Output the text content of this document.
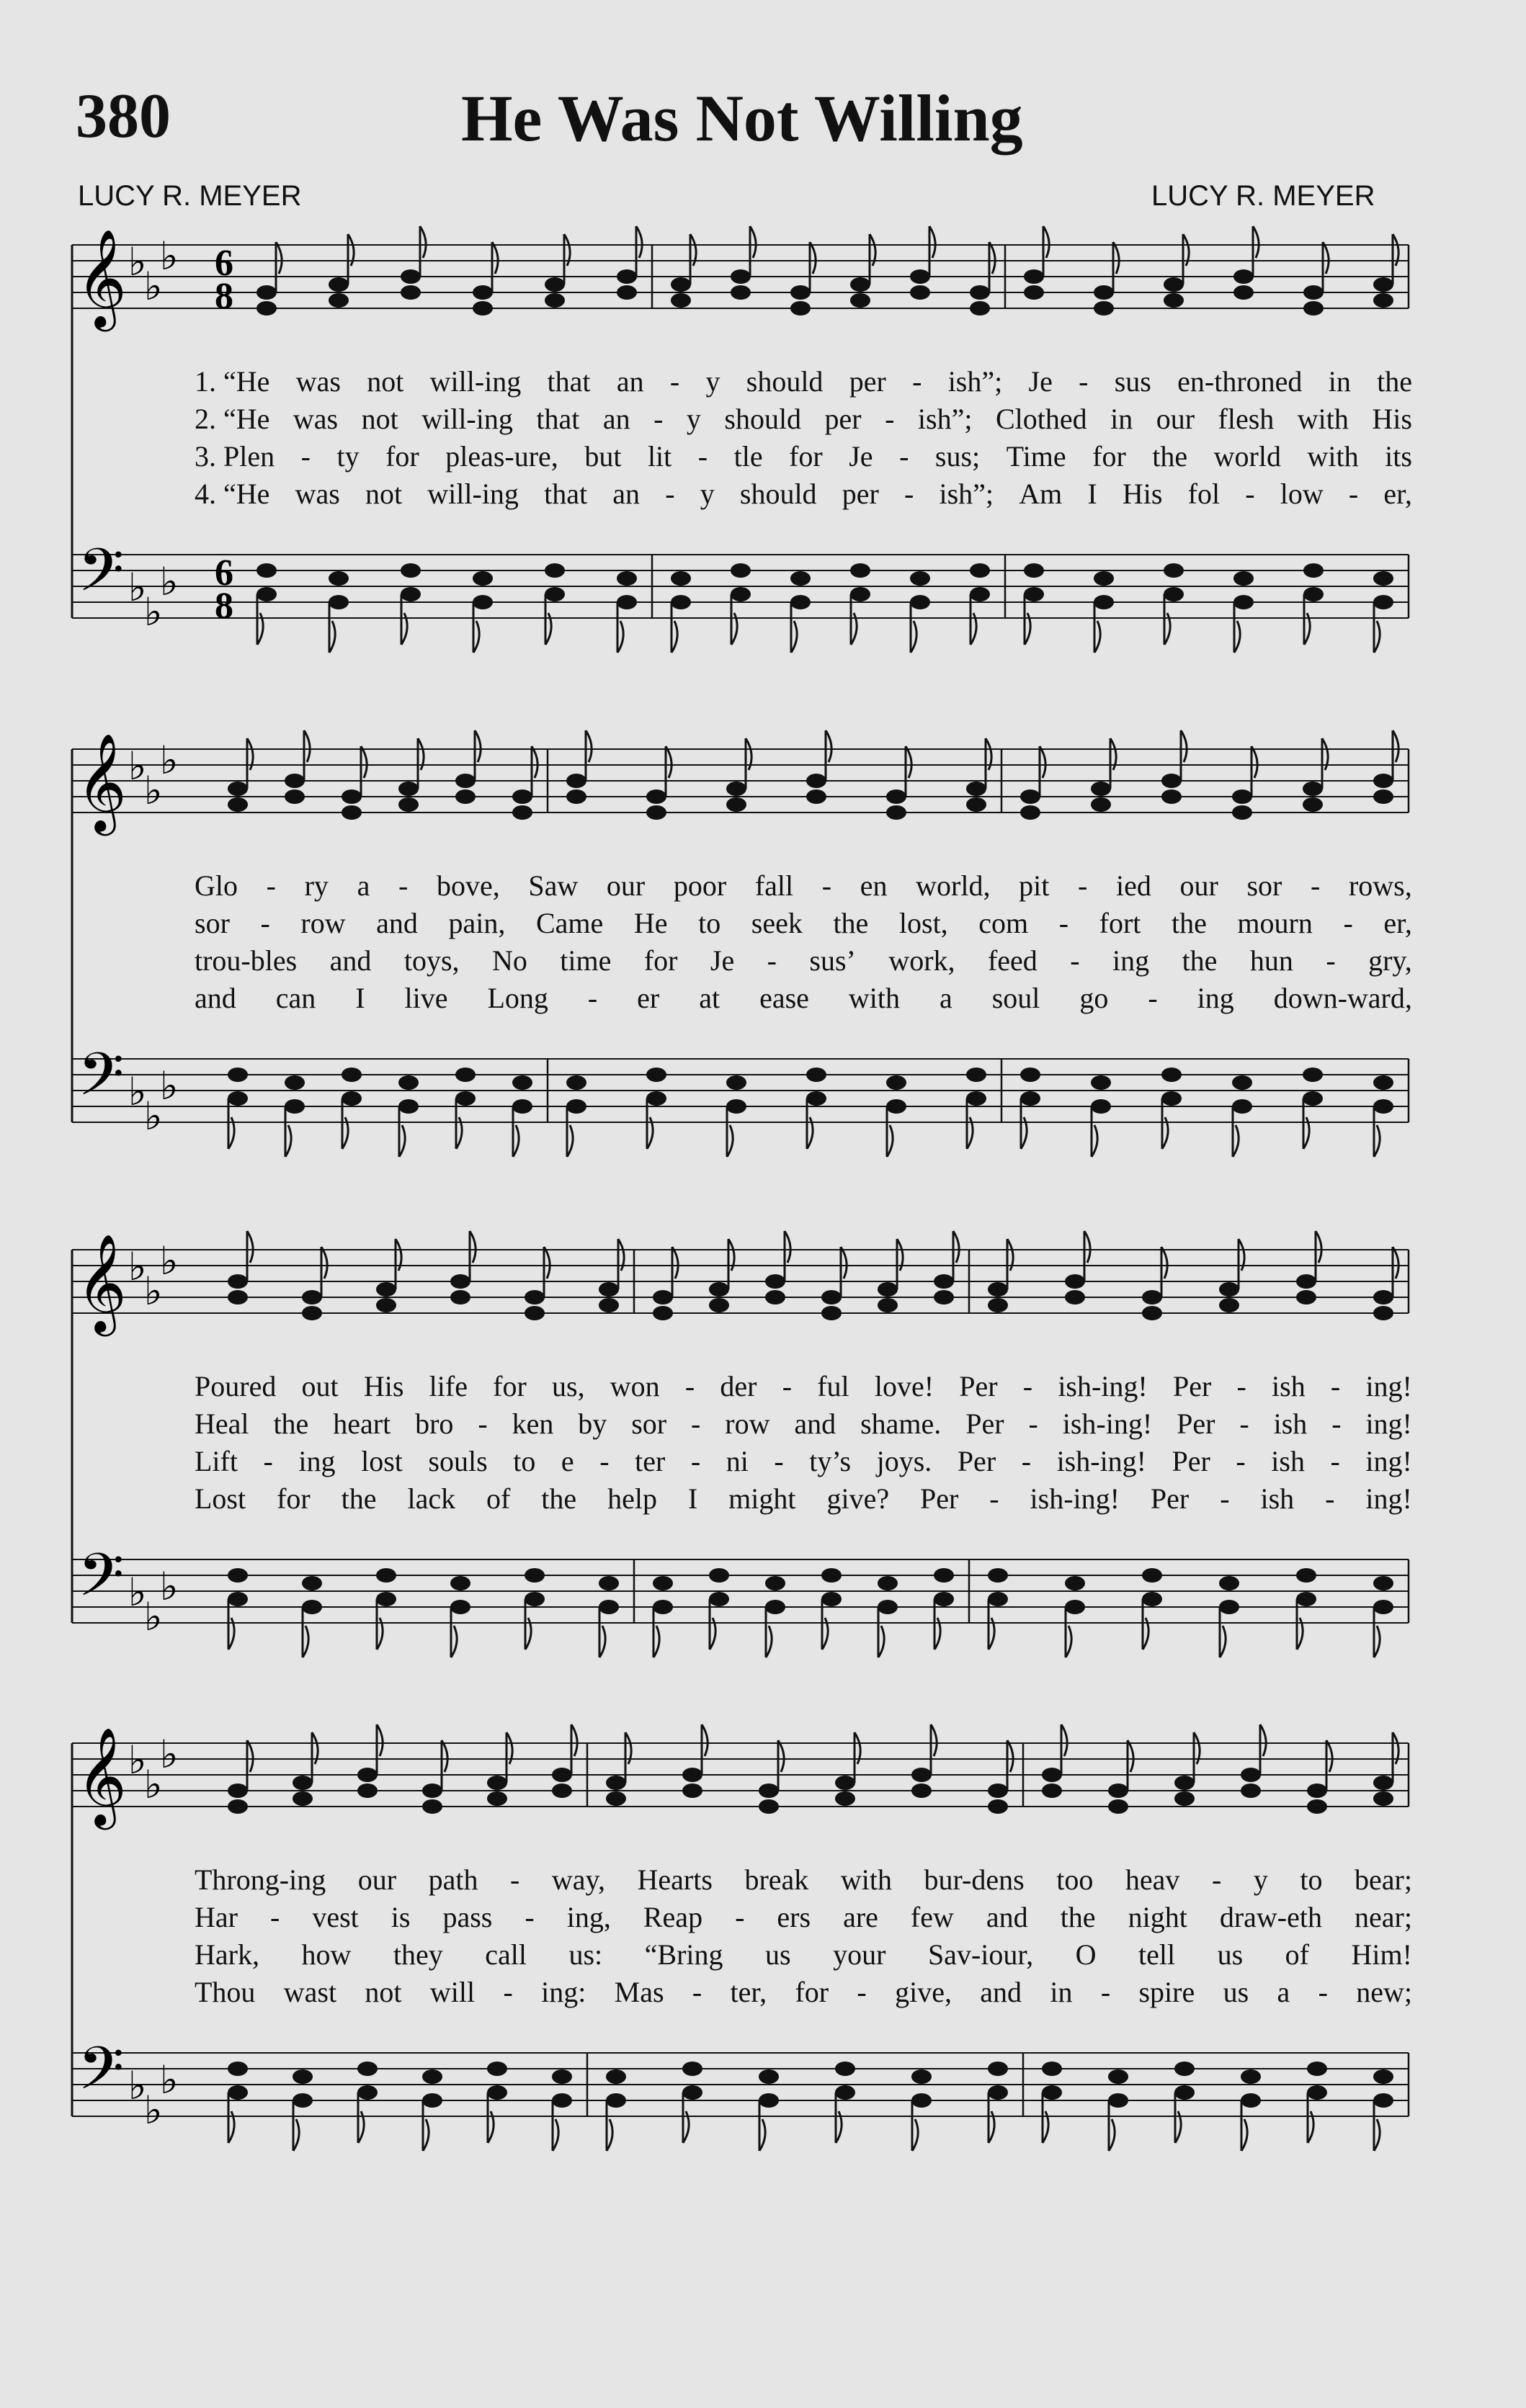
380	He Was Not Willing
LUCY R. MEYER	LUCY R. MEYER
𝄞
𝄢
♭
♭
♭
♭
♭
♭
6
8
6
8
1. “He was not will-ing that an - y should per - ish”; Je - sus en-throned in the
2. “He was not will-ing that an - y should per - ish”; Clothed in our flesh with His
3. Plen - ty for pleas-ure, but lit - tle for Je - sus; Time for the world with its
4. “He was not will-ing that an - y should per - ish”; Am I His fol - low - er,
𝄞
𝄢
♭
♭
♭
♭
♭
♭
Glo - ry a - bove, Saw our poor fall - en world, pit - ied our sor - rows,
sor - row and pain, Came He to seek the lost, com - fort the mourn - er,
trou-bles and toys, No time for Je - sus’ work, feed - ing the hun - gry,
and can I live Long - er at ease with a soul go - ing down-ward,
𝄞
𝄢
♭
♭
♭
♭
♭
♭
Poured out His life for us, won - der - ful love! Per - ish-ing! Per - ish - ing!
Heal the heart bro - ken by sor - row and shame. Per - ish-ing! Per - ish - ing!
Lift - ing lost souls to e - ter - ni - ty’s joys. Per - ish-ing! Per - ish - ing!
Lost for the lack of the help I might give? Per - ish-ing! Per - ish - ing!
𝄞
𝄢
♭
♭
♭
♭
♭
♭
Throng-ing our path - way, Hearts break with bur-dens too heav - y to bear;
Har - vest is pass - ing, Reap - ers are few and the night draw-eth near;
Hark, how they call us: “Bring us your Sav-iour, O tell us of Him!
Thou wast not will - ing: Mas - ter, for - give, and in - spire us a - new;
